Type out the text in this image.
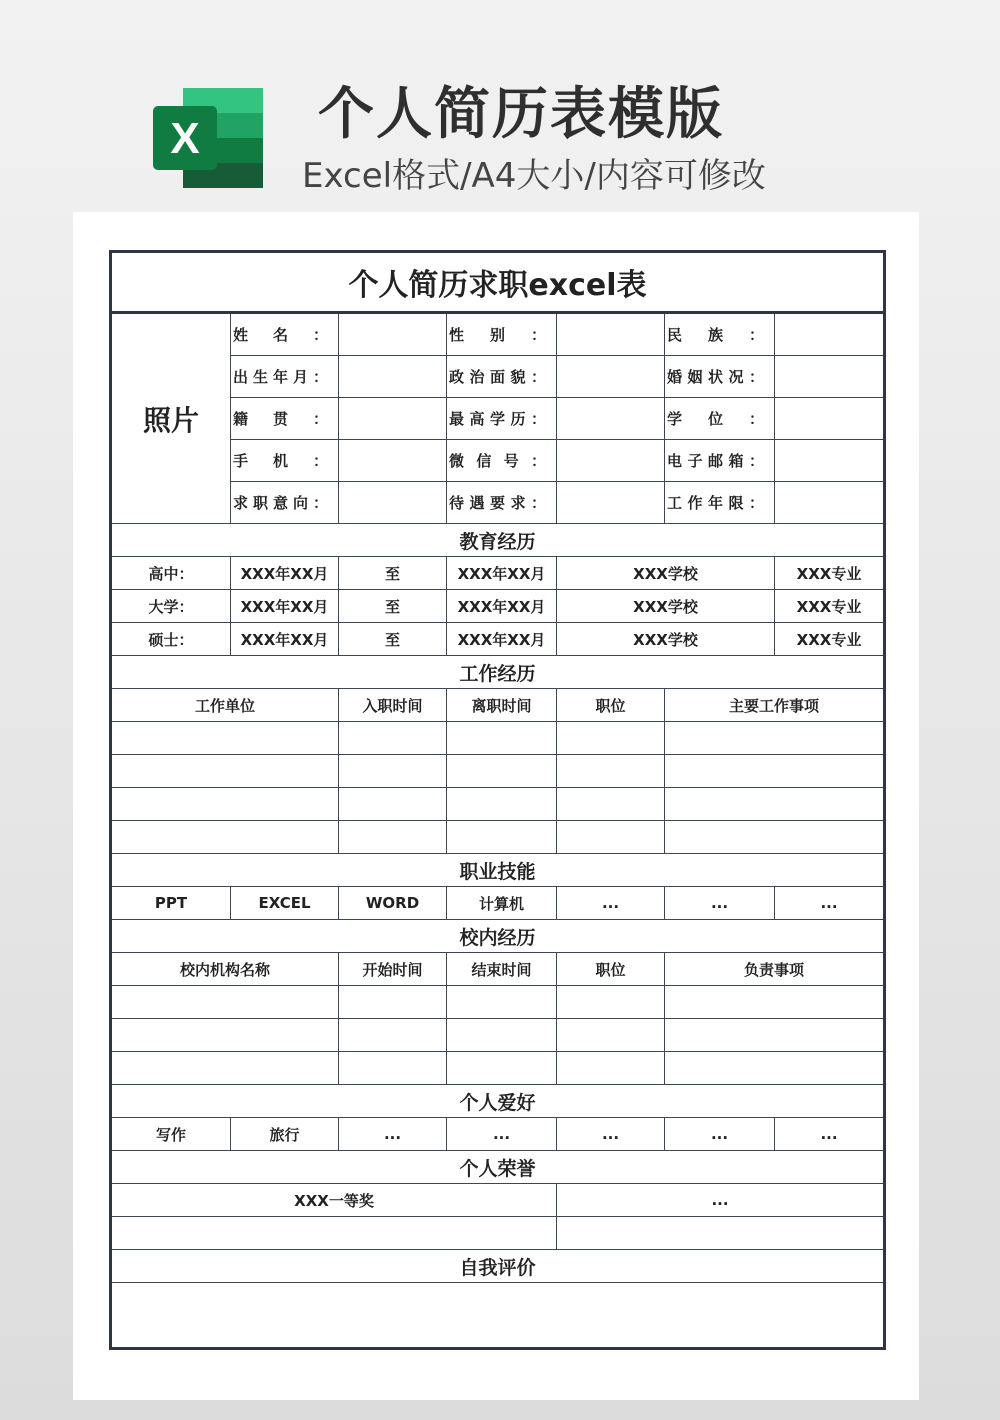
X 个人简历表模版
Excel格式/A4大小/内容可修改
个人简历求职excel表						
照片	姓名：		性别：		民族：	
	出生年月：		政治面貌：		婚姻状况：	
	籍贯：		最高学历：		学位：	
	手机：		微信号：		电子邮箱：	
	求职意向：		待遇要求：		工作年限：	
教育经历						
高中：	XXX年XX月	至	XXX年XX月	XXX学校		XXX专业
大学：	XXX年XX月	至	XXX年XX月	XXX学校		XXX专业
硕士：	XXX年XX月	至	XXX年XX月	XXX学校		XXX专业
工作经历						
工作单位		入职时间	离职时间	职位	主要工作事项	

职业技能						
PPT	EXCEL	WORD	计算机	...	...	...
校内经历						
校内机构名称		开始时间	结束时间	职位	负责事项	

个人爱好						
写作	旅行	...	...	...	...	...
个人荣誉						
XXX一等奖				...		

自我评价						
